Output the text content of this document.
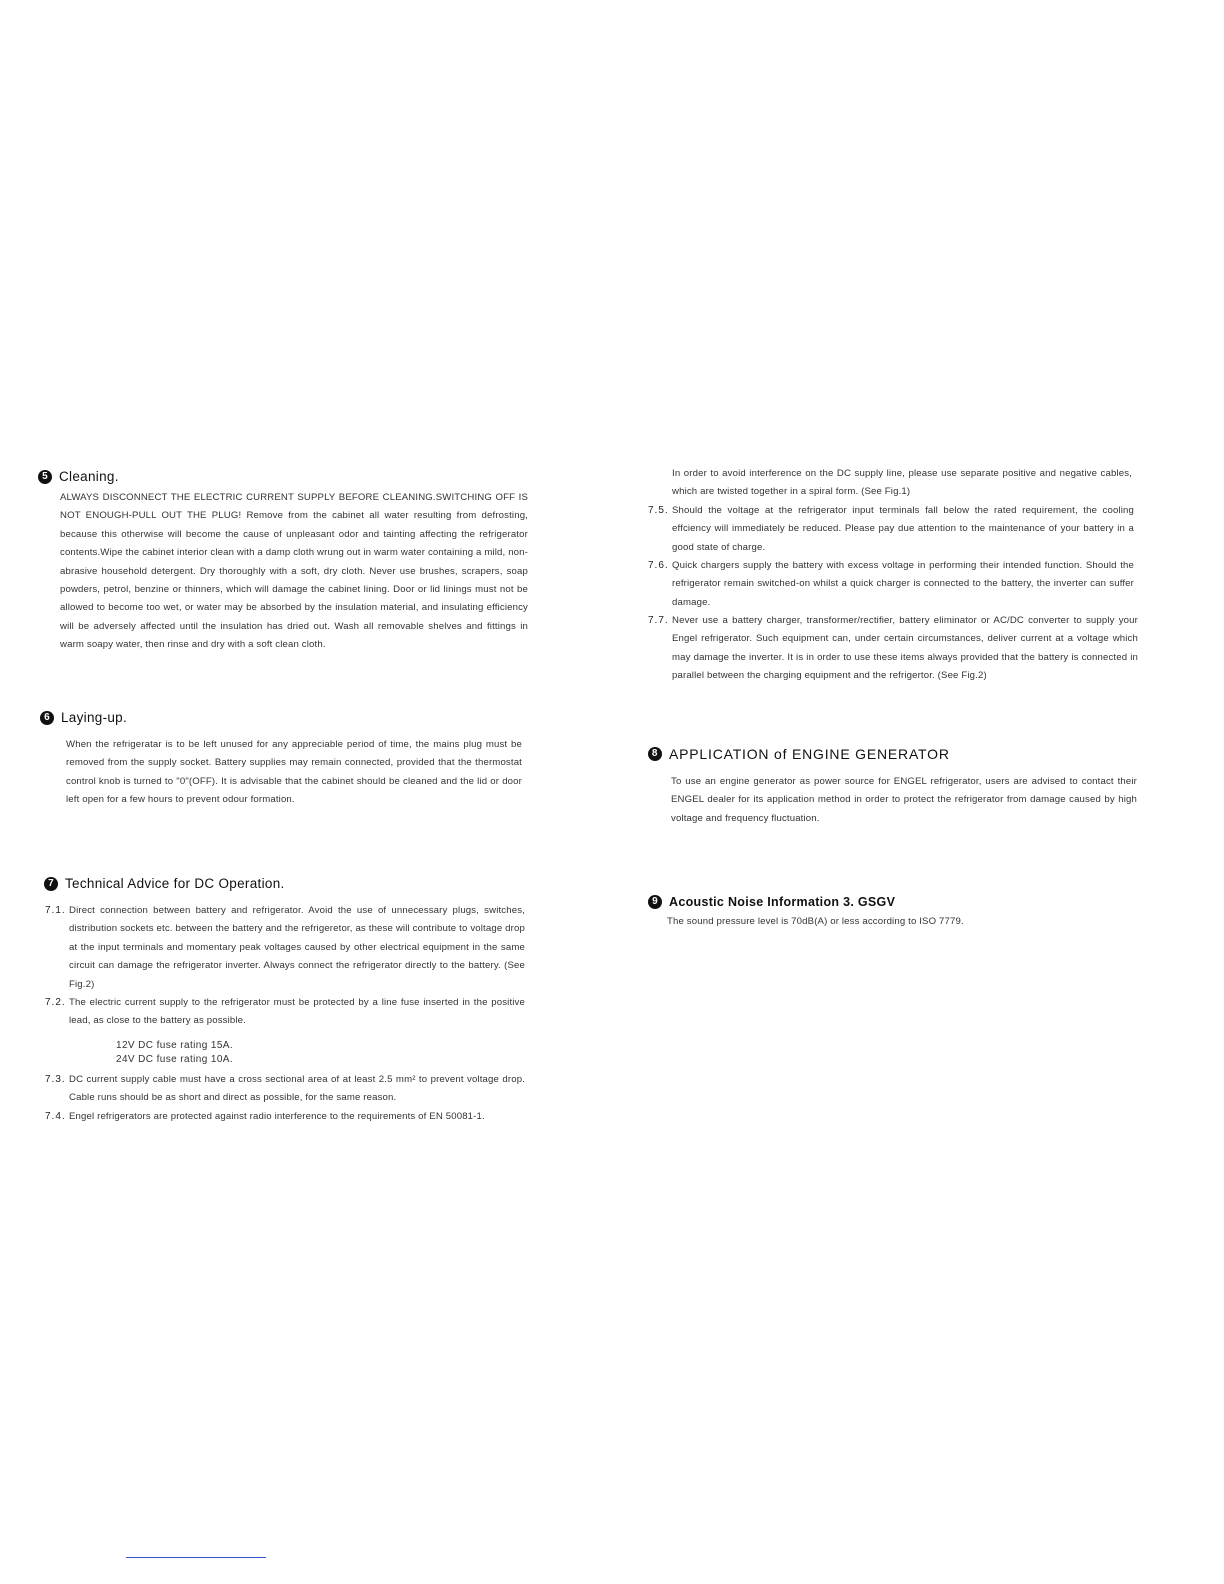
5 Cleaning.
ALWAYS DISCONNECT THE ELECTRIC CURRENT SUPPLY BEFORE CLEANING.SWITCHING OFF IS NOT ENOUGH-PULL OUT THE PLUG! Remove from the cabinet all water resulting from defrosting, because this otherwise will become the cause of unpleasant odor and tainting affecting the refrigerator contents.Wipe the cabinet interior clean with a damp cloth wrung out in warm water containing a mild, non-abrasive household detergent. Dry thoroughly with a soft, dry cloth. Never use brushes, scrapers, soap powders, petrol, benzine or thinners, which will damage the cabinet lining. Door or lid linings must not be allowed to become too wet, or water may be absorbed by the insulation material, and insulating efficiency will be adversely affected until the insulation has dried out. Wash all removable shelves and fittings in warm soapy water, then rinse and dry with a soft clean cloth.
6 Laying-up.
When the refrigeratar is to be left unused for any appreciable period of time, the mains plug must be removed from the supply socket. Battery supplies may remain connected, provided that the thermostat control knob is turned to "0"(OFF). It is advisable that the cabinet should be cleaned and the lid or door left open for a few hours to prevent odour formation.
7 Technical Advice for DC Operation.
7.1. Direct connection between battery and refrigerator. Avoid the use of unnecessary plugs, switches, distribution sockets etc. between the battery and the refrigeretor, as these will contribute to voltage drop at the input terminals and momentary peak voltages caused by other electrical equipment in the same circuit can damage the refrigerator inverter. Always connect the refrigerator directly to the battery. (See Fig.2)
7.2. The electric current supply to the refrigerator must be protected by a line fuse inserted in the positive lead, as close to the battery as possible.
12V DC fuse rating 15A.
24V DC fuse rating 10A.
7.3. DC current supply cable must have a cross sectional area of at least 2.5 mm² to prevent voltage drop. Cable runs should be as short and direct as possible, for the same reason.
7.4. Engel refrigerators are protected against radio interference to the requirements of EN 50081-1.
In order to avoid interference on the DC supply line, please use separate positive and negative cables, which are twisted together in a spiral form. (See Fig.1)
7.5. Should the voltage at the refrigerator input terminals fall below the rated requirement, the cooling effciency will immediately be reduced. Please pay due attention to the maintenance of your battery in a good state of charge.
7.6. Quick chargers supply the battery with excess voltage in performing their intended function. Should the refrigerator remain switched-on whilst a quick charger is connected to the battery, the inverter can suffer damage.
7.7. Never use a battery charger, transformer/rectifier, battery eliminator or AC/DC converter to supply your Engel refrigerator. Such equipment can, under certain circumstances, deliver current at a voltage which may damage the inverter. It is in order to use these items always provided that the battery is connected in parallel between the charging equipment and the refrigertor. (See Fig.2)
8 APPLICATION of ENGINE GENERATOR
To use an engine generator as power source for ENGEL refrigerator, users are advised to contact their ENGEL dealer for its application method in order to protect the refrigerator from damage caused by high voltage and frequency fluctuation.
9 Acoustic Noise Information 3. GSGV
The sound pressure level is 70dB(A) or less according to ISO 7779.
